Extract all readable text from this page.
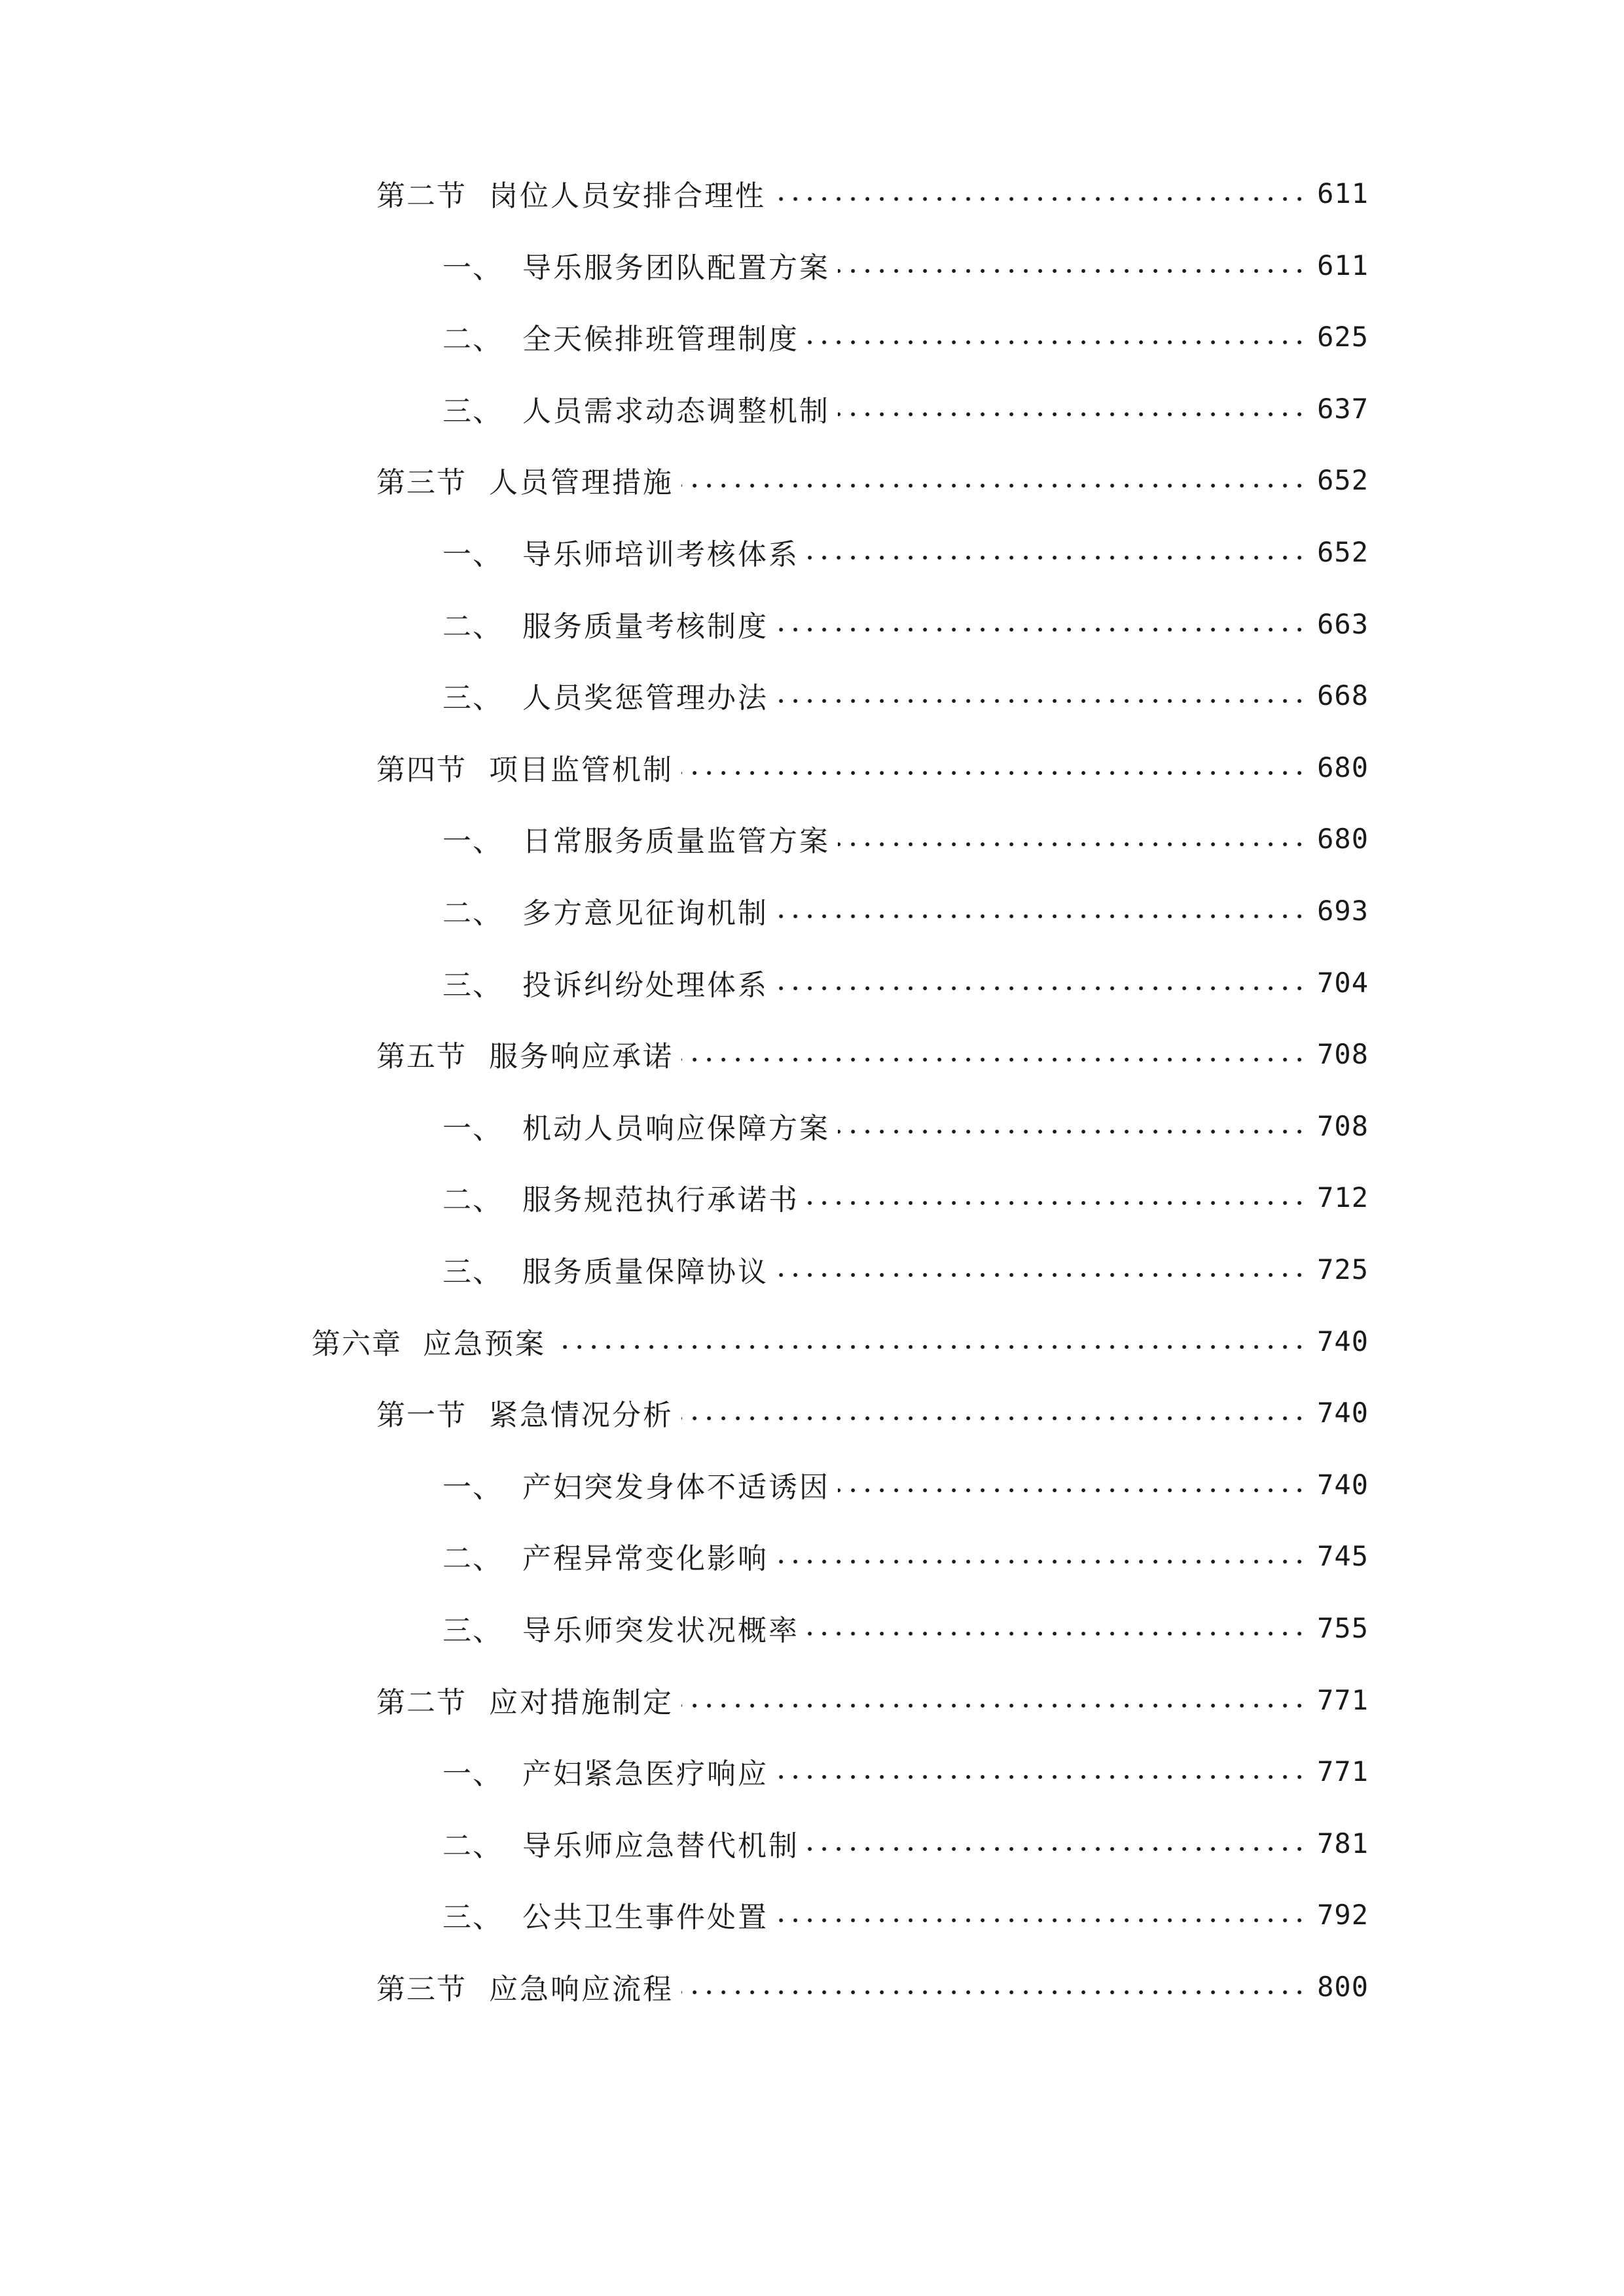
第二节 岗位人员安排合理性	611
一、 导乐服务团队配置方案	611
二、 全天候排班管理制度	625
三、 人员需求动态调整机制	637
第三节 人员管理措施	652
一、 导乐师培训考核体系	652
二、 服务质量考核制度	663
三、 人员奖惩管理办法	668
第四节 项目监管机制	680
一、 日常服务质量监管方案	680
二、 多方意见征询机制	693
三、 投诉纠纷处理体系	704
第五节 服务响应承诺	708
一、 机动人员响应保障方案	708
二、 服务规范执行承诺书	712
三、 服务质量保障协议	725
第六章 应急预案	740
第一节 紧急情况分析	740
一、 产妇突发身体不适诱因	740
二、 产程异常变化影响	745
三、 导乐师突发状况概率	755
第二节 应对措施制定	771
一、 产妇紧急医疗响应	771
二、 导乐师应急替代机制	781
三、 公共卫生事件处置	792
第三节 应急响应流程	800
